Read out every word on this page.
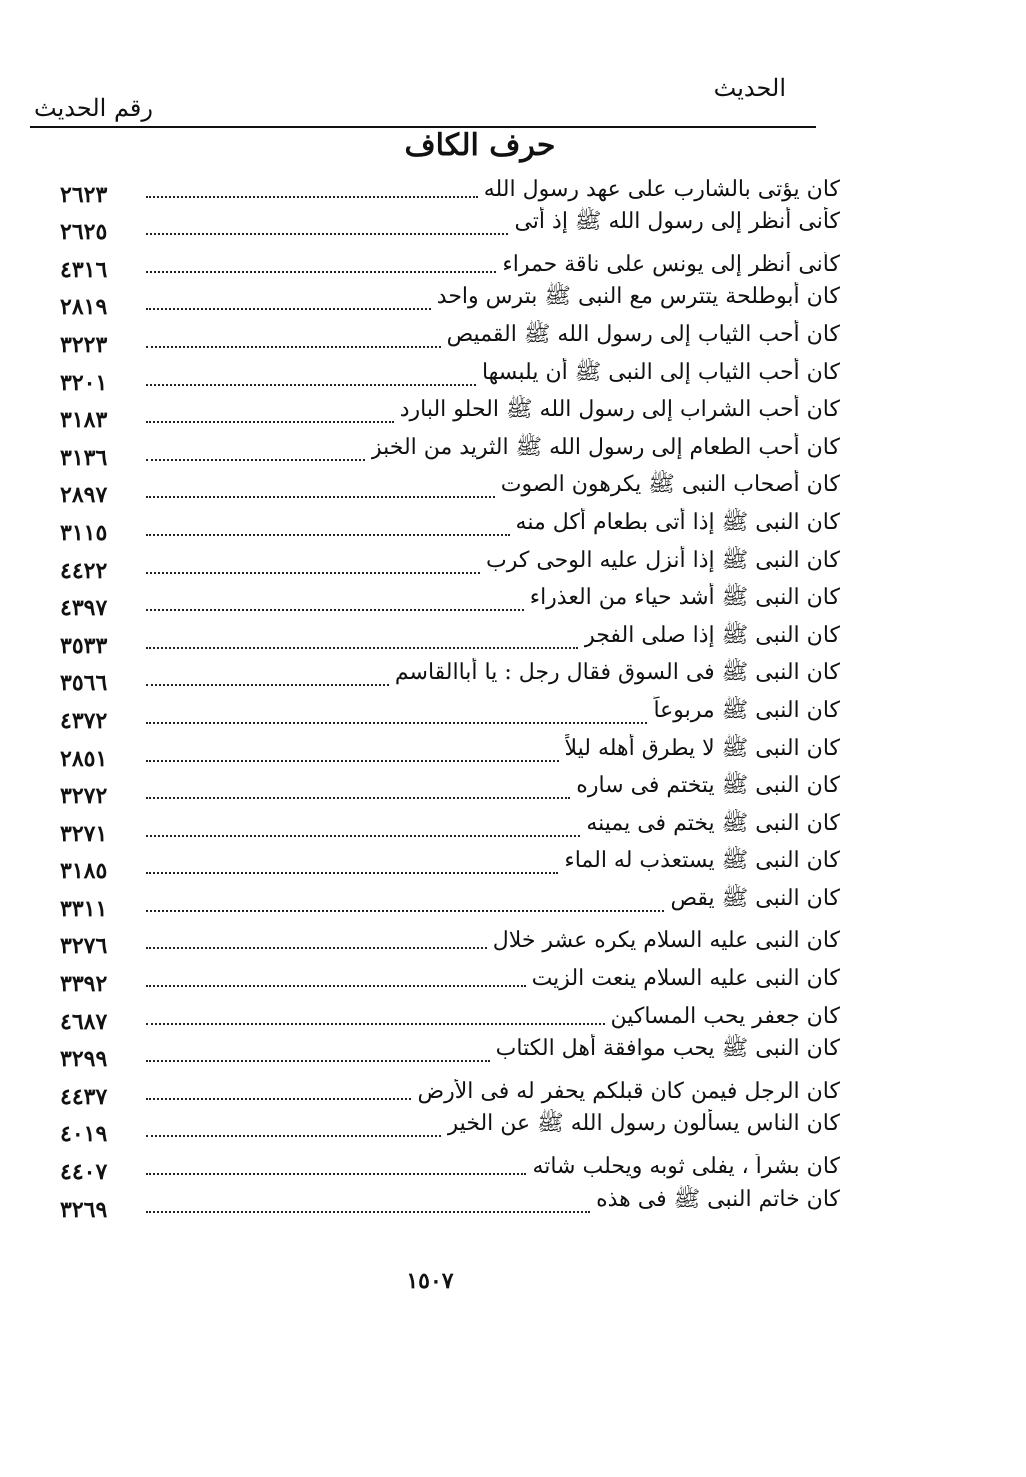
الحديث
رقم الحديث
حرف الكاف
٢٦٢٣	كان يؤتى بالشارب على عهد رسول الله
٢٦٢٥	كأنى أنظر إلى رسول الله ﷺ إذ أتى
٤٣١٦	كأنى أنظر إلى يونس على ناقة حمراء
٢٨١٩	كان أبوطلحة يتترس مع النبى ﷺ بترس واحد
٣٢٢٣	كان أحب الثياب إلى رسول الله ﷺ القميص
٣٢٠١	كان أحب الثياب إلى النبى ﷺ أن يلبسها
٣١٨٣	كان أحب الشراب إلى رسول الله ﷺ الحلو البارد
٣١٣٦	كان أحب الطعام إلى رسول الله ﷺ الثريد من الخبز
٢٨٩٧	كان أصحاب النبى ﷺ يكرهون الصوت
٣١١٥	كان النبى ﷺ إذا أتى بطعام أكل منه
٤٤٢٢	كان النبى ﷺ إذا أنزل عليه الوحى كرب
٤٣٩٧	كان النبى ﷺ أشد حياء من العذراء
٣٥٣٣	كان النبى ﷺ إذا صلى الفجر
٣٥٦٦	كان النبى ﷺ فى السوق فقال رجل : يا أباالقاسم
٤٣٧٢	كان النبى ﷺ مربوعاً
٢٨٥١	كان النبى ﷺ لا يطرق أهله ليلاً
٣٢٧٢	كان النبى ﷺ يتختم فى ساره
٣٢٧١	كان النبى ﷺ يختم فى يمينه
٣١٨٥	كان النبى ﷺ يستعذب له الماء
٣٣١١	كان النبى ﷺ يقص
٣٢٧٦	كان النبى عليه السلام يكره عشر خلال
٣٣٩٢	كان النبى عليه السلام ينعت الزيت
٤٦٨٧	كان جعفر يحب المساكين
٣٢٩٩	كان النبى ﷺ يحب موافقة أهل الكتاب
٤٤٣٧	كان الرجل فيمن كان قبلكم يحفر له فى الأرض
٤٠١٩	كان الناس يسألون رسول الله ﷺ عن الخير
٤٤٠٧	كان بشراً ، يفلى ثوبه ويحلب شاته
٣٢٦٩	كان خاتم النبى ﷺ فى هذه
١٥٠٧
